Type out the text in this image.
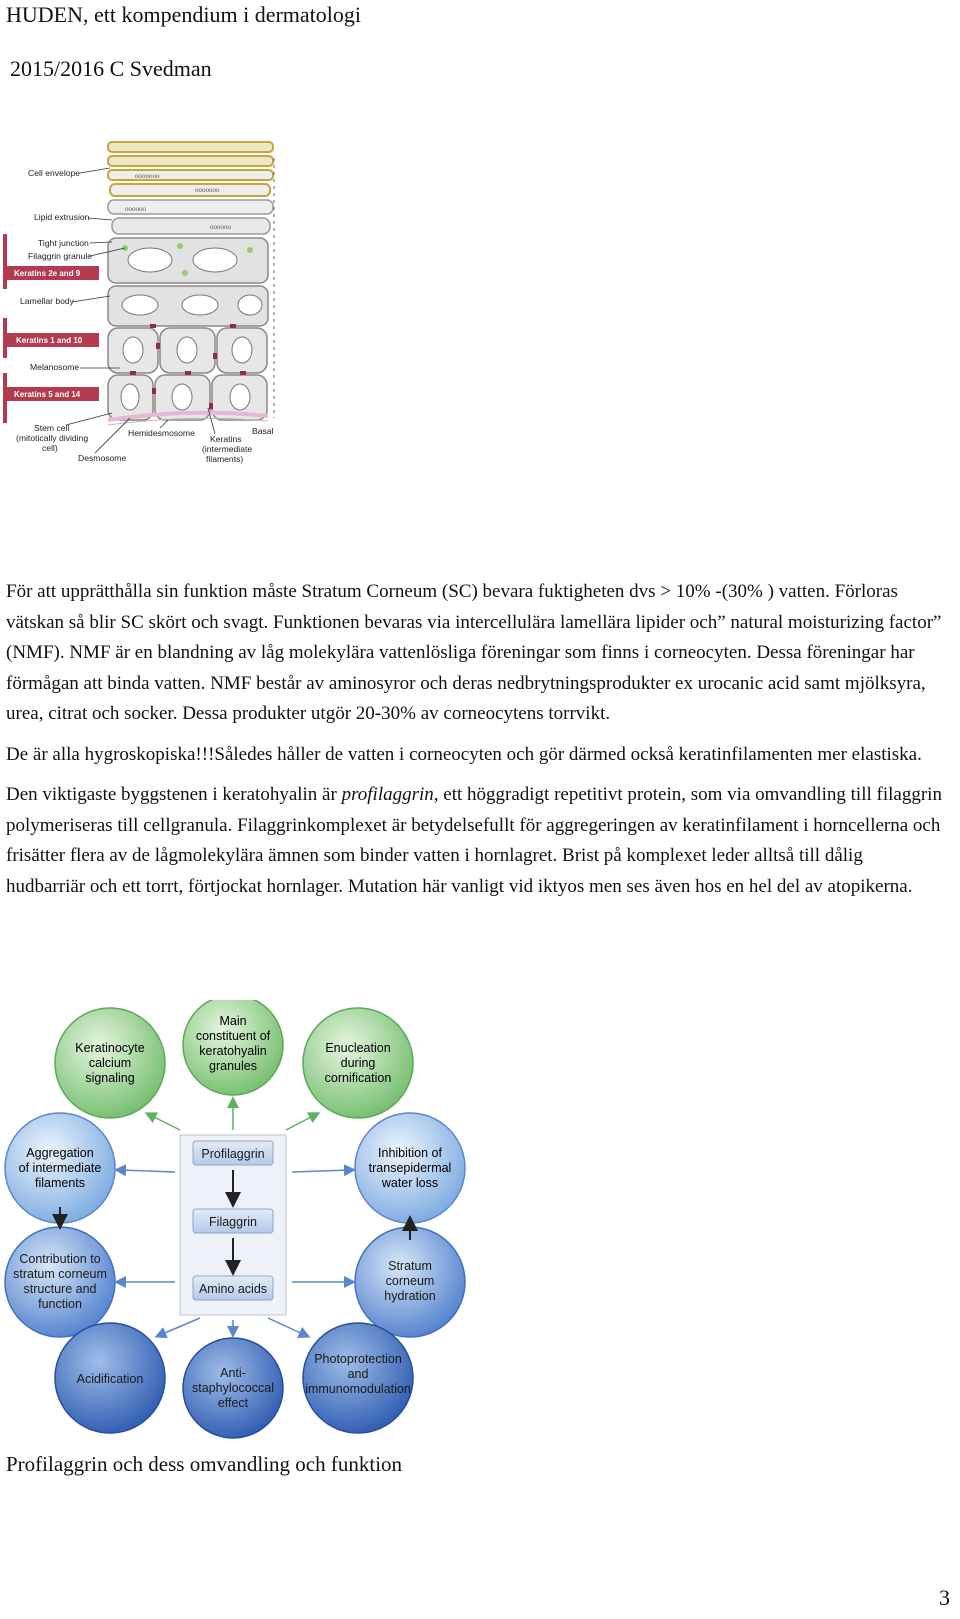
HUDEN, ett kompendium i dermatologi
2015/2016 C Svedman
ooooooo
ooooooo
oooooo
oooooo
Cell envelope
Lipid extrusion
Tight junction
Filaggrin granule
Keratins 2e and 9
Lamellar body
Keratins 1 and 10
Melanosome
Keratins 5 and 14
Stem cell
(mitotically dividing
cell)
Desmosome
Hemidesmosome
Keratins
(intermediate
filaments)
Basal

För att upprätthålla sin funktion måste Stratum Corneum (SC) bevara fuktigheten dvs > 10% -(30% ) vatten. Förloras vätskan så blir SC skört och svagt. Funktionen bevaras via intercellulära lamellära lipider och” natural moisturizing factor” (NMF). NMF är en blandning av låg molekylära vattenlösliga föreningar som finns i corneocyten. Dessa föreningar har förmågan att binda vatten. NMF består av aminosyror och deras nedbrytningsprodukter ex urocanic acid samt mjölksyra, urea, citrat och socker. Dessa produkter utgör 20-30% av corneocytens torrvikt.

De är alla hygroskopiska!!!Således håller de vatten i corneocyten och gör därmed också keratinfilamenten mer elastiska.

Den viktigaste byggstenen i keratohyalin är profilaggrin, ett höggradigt repetitivt protein, som via omvandling till filaggrin polymeriseras till cellgranula. Filaggrinkomplexet är betydelsefullt för aggregeringen av keratinfilament i horncellerna och frisätter flera av de lågmolekylära ämnen som binder vatten i hornlagret. Brist på komplexet leder alltså till dålig hudbarriär och ett torrt, förtjockat hornlager. Mutation här vanligt vid iktyos men ses även hos en hel del av atopikerna.

Keratinocyte
calcium
signaling
Main
constituent of
keratohyalin
granules
Enucleation
during
cornification
Aggregation
of intermediate
filaments
Inhibition of
transepidermal
water loss
Contribution to
stratum corneum
structure and
function
Stratum
corneum
hydration
Acidification	Anti-
staphylococcal
effect
Photoprotection
and
immunomodulation
Profilaggrin
Filaggrin
Amino acids
Profilaggrin och dess omvandling och funktion
3
